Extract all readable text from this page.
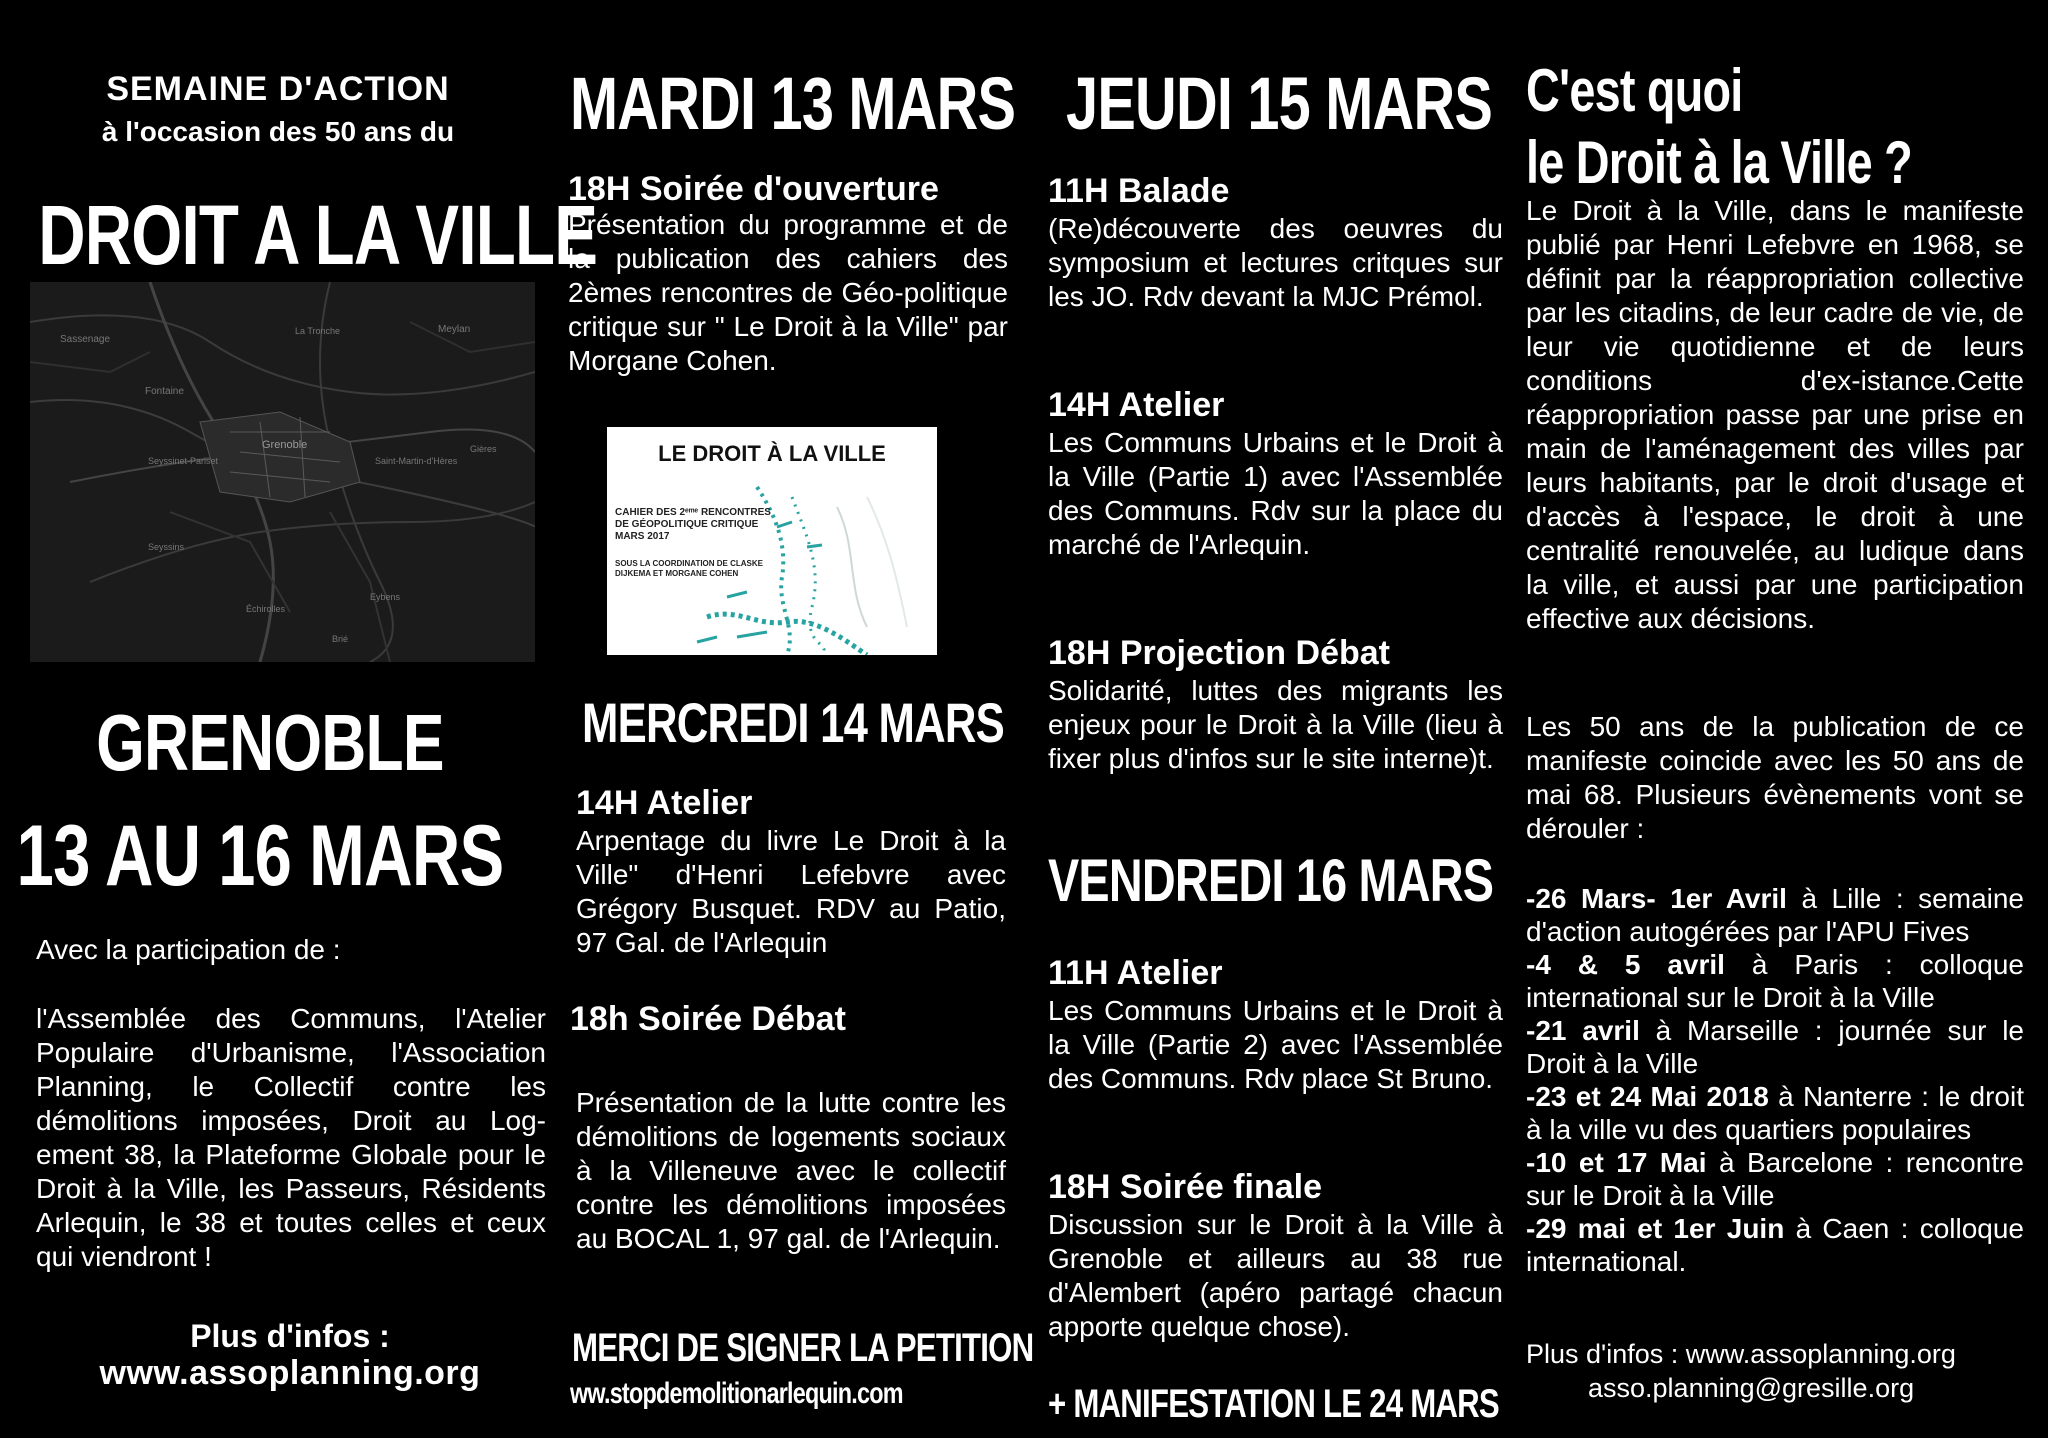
SEMAINE D'ACTION
à l'occasion des 50 ans du
DROIT A LA VILLE
Sassenage
La Tronche	Meylan
Fontaine
Grenoble
Seyssinet-Pariset	Saint-Martin-d'Hères
Seyssins
Gières
Échirolles
Eybens
Brié
GRENOBLE
13 AU 16 MARS
Avec la participation de :

l'Assemblée des Communs, l'Atelier Populaire d'Urbanisme, l'Association Planning, le Collectif contre les démolitions imposées, Droit au Log-ement 38, la Plateforme Globale pour le Droit à la Ville, les Passeurs, Résidents Arlequin, le 38 et toutes celles et ceux qui viendront !

Plus d'infos :
www.assoplanning.org
MARDI 13 MARS
18H Soirée d'ouverture

Présentation du programme et de la publication des cahiers des 2èmes rencontres de Géo-politique critique sur " Le Droit à la Ville" par Morgane Cohen.

LE DROIT À LA VILLE
CAHIER DES 2ᵉᵐᵉ RENCONTRES DE GÉOPOLITIQUE CRITIQUE MARS 2017
SOUS LA COORDINATION DE CLASKE DIJKEMA ET MORGANE COHEN
MERCREDI 14 MARS
14H Atelier

Arpentage du livre Le Droit à la Ville" d'Henri Lefebvre avec Grégory Busquet. RDV au Patio, 97 Gal. de l'Arlequin

18h Soirée Débat

Présentation de la lutte contre les démolitions de logements sociaux à la Villeneuve avec le collectif contre les démolitions imposées au BOCAL 1, 97 gal. de l'Arlequin.

MERCI DE SIGNER LA PETITION
ww.stopdemolitionarlequin.com
JEUDI 15 MARS
11H Balade

(Re)découverte des oeuvres du symposium et lectures critques sur les JO. Rdv devant la MJC Prémol.

14H Atelier

Les Communs Urbains et le Droit à la Ville (Partie 1) avec l'Assemblée des Communs. Rdv sur la place du marché de l'Arlequin.

18H Projection Débat

Solidarité, luttes des migrants les enjeux pour le Droit à la Ville (lieu à fixer plus d'infos sur le site interne)t.

VENDREDI 16 MARS
11H Atelier

Les Communs Urbains et le Droit à la Ville (Partie 2) avec l'Assemblée des Communs. Rdv place St Bruno.

18H Soirée finale

Discussion sur le Droit à la Ville à Grenoble et ailleurs au 38 rue d'Alembert (apéro partagé chacun apporte quelque chose).

+ MANIFESTATION LE 24 MARS
C'est quoi
le Droit à la Ville ?

Le Droit à la Ville, dans le manifeste publié par Henri Lefebvre en 1968, se définit par la réappropriation collective par les citadins, de leur cadre de vie, de leur vie quotidienne et de leurs conditions d'ex-istance.Cette réappropriation passe par une prise en main de l'aménagement des villes par leurs habitants, par le droit d'usage et d'accès à l'espace, le droit à une centralité renouvelée, au ludique dans la ville, et aussi par une participation effective aux décisions.

Les 50 ans de la publication de ce manifeste coincide avec les 50 ans de mai 68. Plusieurs évènements vont se dérouler :

-26 Mars- 1er Avril à Lille : semaine d'action autogérées par l'APU Fives
-4 & 5 avril à Paris : colloque international sur le Droit à la Ville
-21 avril à Marseille : journée sur le Droit à la Ville
-23 et 24 Mai 2018 à Nanterre : le droit à la ville vu des quartiers populaires
-10 et 17 Mai à Barcelone : rencontre sur le Droit à la Ville
-29 mai et 1er Juin à Caen : colloque international.
Plus d'infos : www.assoplanning.org
asso.planning@gresille.org
